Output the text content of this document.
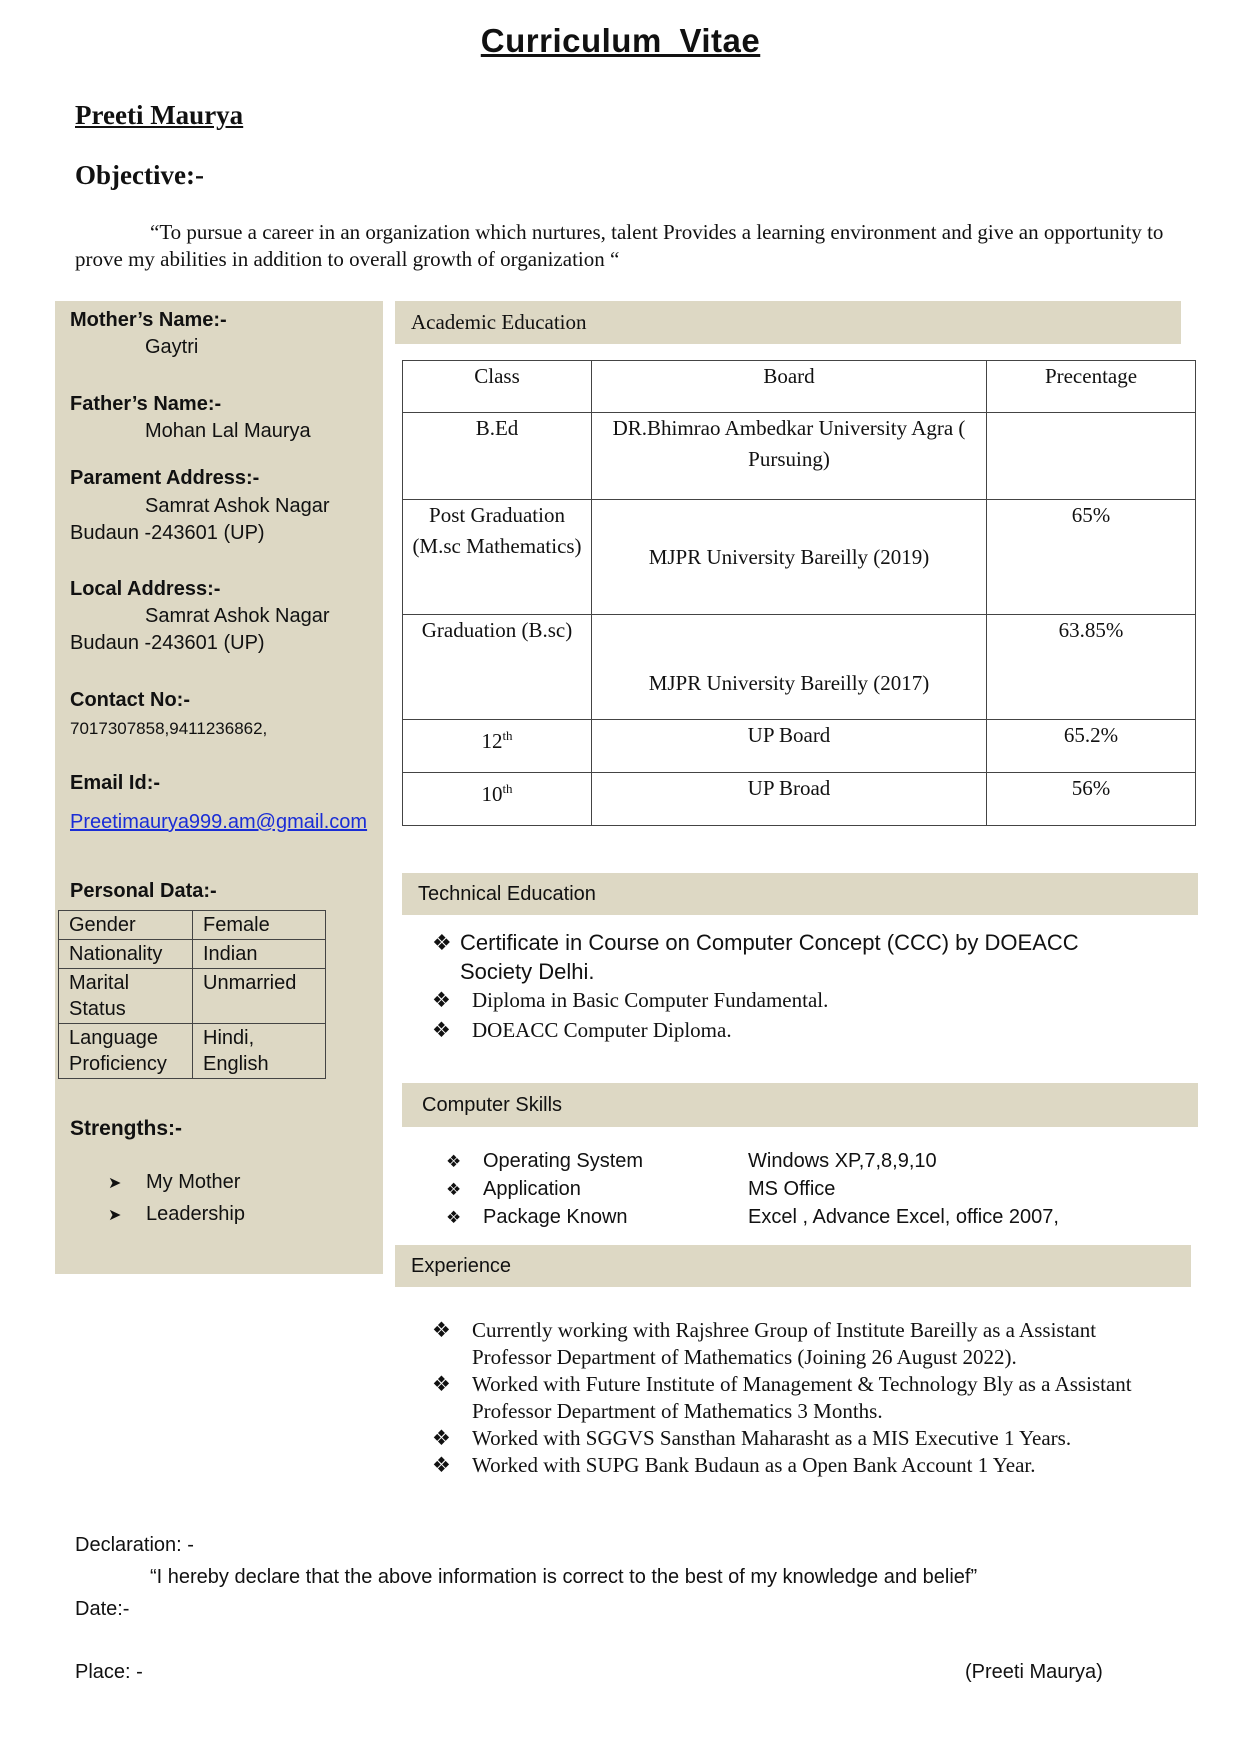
Curriculum Vitae
Preeti Maurya
Objective:-
“To pursue a career in an organization which nurtures, talent Provides a learning environment and give an opportunity to prove my abilities in addition to overall growth of organization “
Mother’s Name:-
Gaytri
Father’s Name:-
Mohan Lal Maurya
Parament Address:-
Samrat Ashok Nagar
Budaun -243601 (UP)
Local Address:-
Samrat Ashok Nagar
Budaun -243601 (UP)
Contact No:-
7017307858,9411236862,
Email Id:-
Preetimaurya999.am@gmail.com
Personal Data:-
Gender	Female
Nationality	Indian
Marital Status	Unmarried
Language Proficiency	Hindi, English
Strengths:-
➤ My Mother
➤ Leadership
Academic Education
Class	Board	Precentage
B.Ed	DR.Bhimrao Ambedkar University Agra ( Pursuing)	
Post Graduation (M.sc Mathematics)	MJPR University Bareilly (2019)	65%
Graduation (B.sc)	MJPR University Bareilly (2017)	63.85%
12th	UP Board	65.2%
10th	UP Broad	56%
Technical Education
❖ Certificate in Course on Computer Concept (CCC) by DOEACC Society Delhi.
❖ Diploma in Basic Computer Fundamental.
❖ DOEACC Computer Diploma.
Computer Skills
❖ Operating System	Windows XP,7,8,9,10
❖ Application	MS Office
❖ Package Known	Excel , Advance Excel, office 2007,
Experience
❖ Currently working with Rajshree Group of Institute Bareilly as a Assistant Professor Department of Mathematics (Joining 26 August 2022).
❖ Worked with Future Institute of Management & Technology Bly as a Assistant Professor Department of Mathematics 3 Months.
❖ Worked with SGGVS Sansthan Maharasht as a MIS Executive 1 Years.
❖ Worked with SUPG Bank Budaun as a Open Bank Account 1 Year.
Declaration: -
“I hereby declare that the above information is correct to the best of my knowledge and belief”
Date:-
Place: -	(Preeti Maurya)
